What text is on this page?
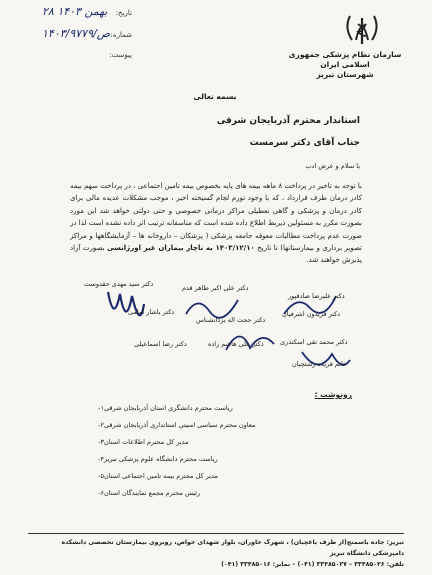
سازمان نظام پزشکی جمهوری اسلامی ایران
شهرستان تبریز
۲۸ بهمن ۱۴۰۳ تاریخ:
۱۴۰۳/۹۷۷۹/ص شماره:
پیوست:
بسمه تعالی
استاندار محترم آذربایجان شرقی
جناب آقای دکتر سرمست
با سلام و عرض ادب
با توجه به تاخیر در پرداخت ۸ ماهه بیمه های پایه بخصوص بیمه تامین اجتماعی ، در پرداخت سهم بیمه کادر درمان طرف قرارداد ، که با وجود تورم لجام گسیخته اخیر ، موجب مشکلات عدیده مالی برای کادر درمان و پزشکی و گاهی تعطیلی مراکز درمانی خصوصی و حتی دولتی خواهد شد این مورد بصورت مکرر به مسئولین ذیربط اطلاع داده شده است که متاسفانه ترتیب اثر داده نشده است لذا در صورت عدم پرداخت مطالبات معوقه جامعه پزشکی ( پزشکان – داروخانه ها – آزمایشگاهها و مراکز تصویر برداری و بیمارستانها) تا تاریخ ۱۴۰۳/۱۲/۱۰ به ناچار بیماران غیر اورژانسی بصورت آزاد پذیرش خواهند شد.
دکتر سید مهدی حقدوست	دکتر علی اکبر طاهر قدم
دکتر علیرضا صادقپور
دکتر یاشار امامی
دکتر حجت اله یزدانشناس
دکتر فریدون اشرفیان
دکتر رضا اسماعیلی	دکتر علی هاشم زاده	دکتر محمد تقی اسکندری
خانم فریده رشتچیان
رونوشت :
۱- ریاست محترم دانشگری استان آذربایجان شرقی
۲- معاون محترم سیاسی امنیتی استانداری آذربایجان شرقی
۳- مدیر کل محترم اطلاعات استان
۴- ریاست محترم دانشگاه علوم پزشکی تبریز
۵- مدیر کل محترم بیمه تامین اجتماعی استان
۶- رئیس محترم مجمع نمایندگان استان
تبریز: جاده باسمنج(از طرف باغچبان) ، شهرک خاوران، بلوار شهدای خواص، روبروی بیمارستان تخصصی دانشکده دامپزشکی دانشگاه تبریز
تلفن: ۳۳۴۸۵۰۲۶ – ۳۳۴۸۵۰۲۷ (۰۴۱) – نمابر: ۳۳۴۸۵۰۱۶ (۰۴۱)
